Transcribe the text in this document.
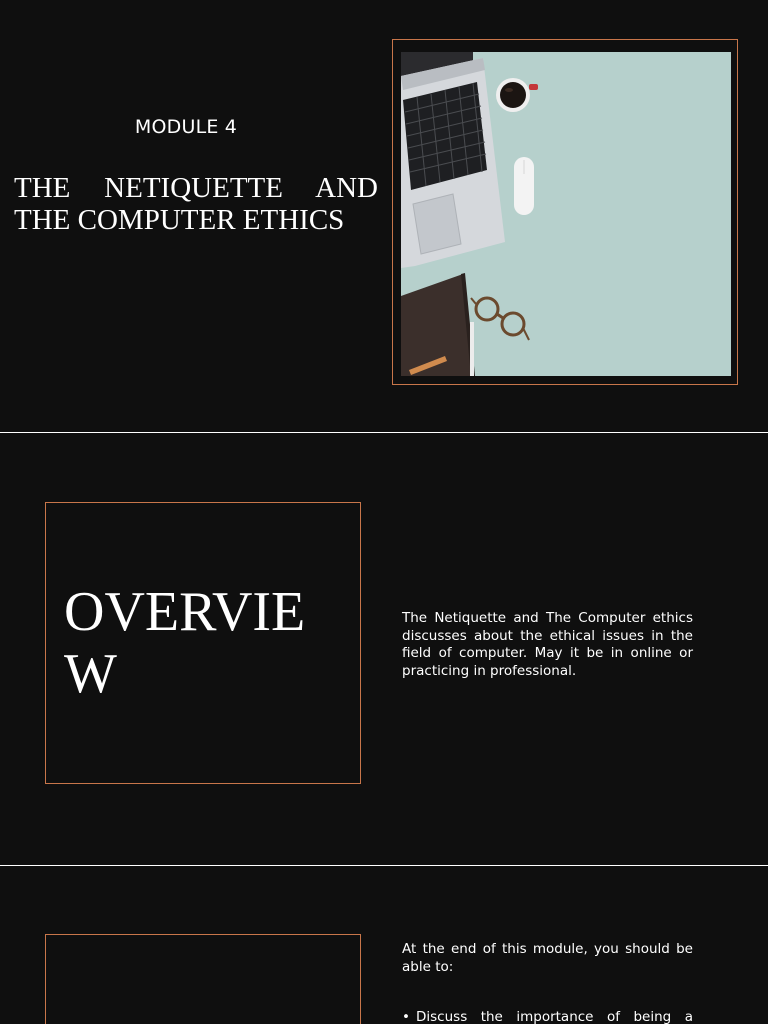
MODULE 4
THE NETIQUETTE AND THE COMPUTER ETHICS
OVERVIEW
The Netiquette and The Computer ethics discusses about the ethical issues in the field of computer. May it be in online or practicing in professional.
At the end of this module, you should be able to:
• Discuss the importance of being a
